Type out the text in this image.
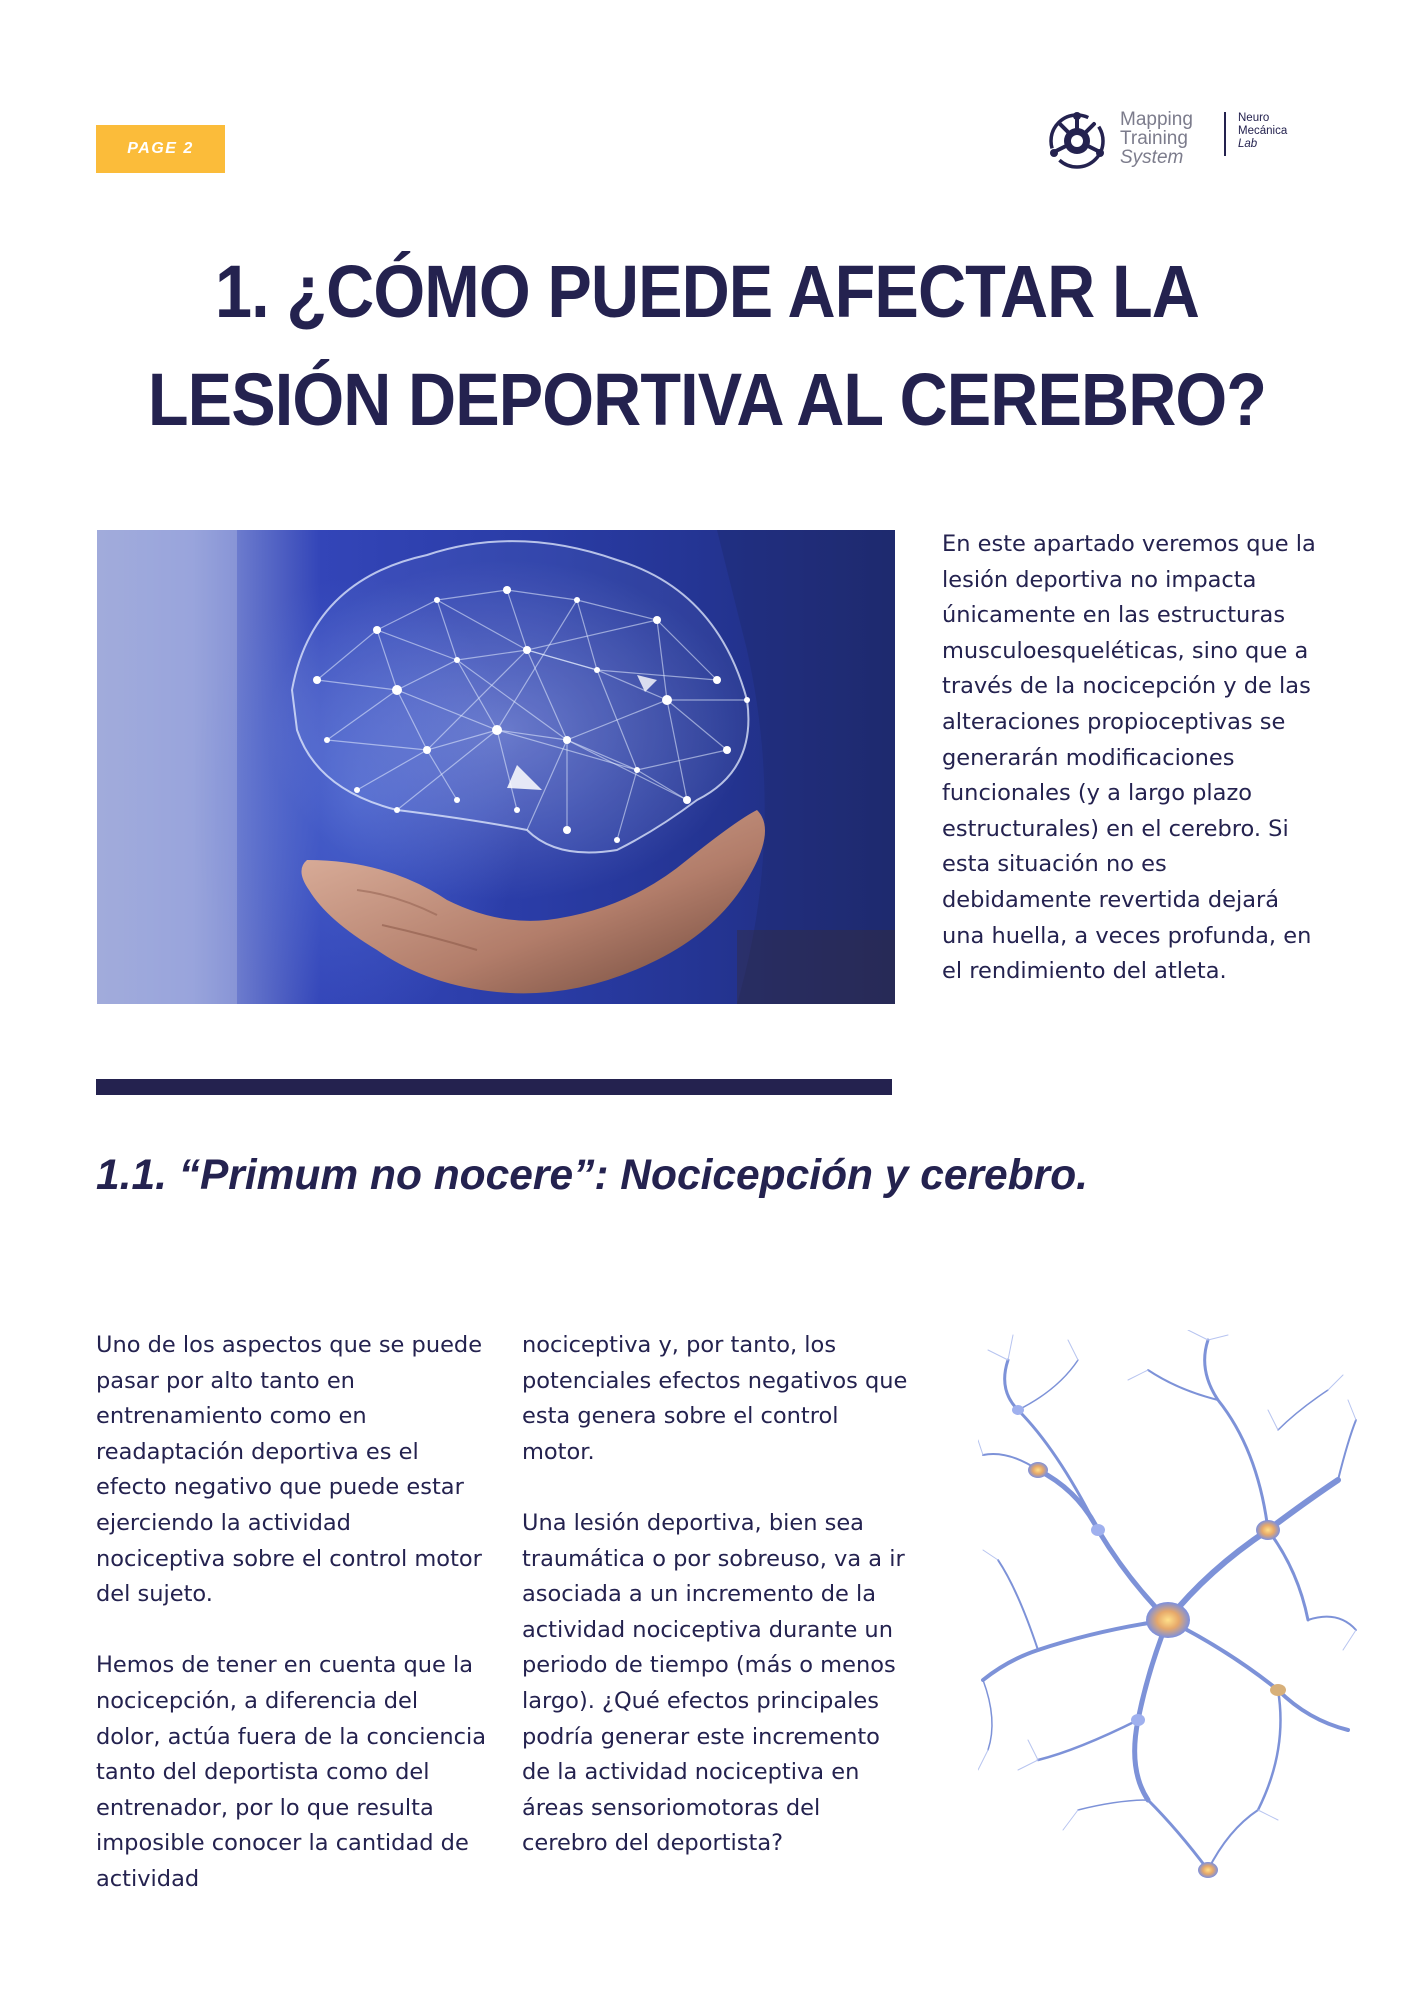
PAGE 2
Mapping
Training
System
Neuro
Mecánica
Lab
1. ¿CÓMO PUEDE AFECTAR LA
LESIÓN DEPORTIVA AL CEREBRO?

En este apartado veremos que la lesión deportiva no impacta únicamente en las estructuras musculoesqueléticas, sino que a través de la nocicepción y de las alteraciones propioceptivas se generarán modificaciones funcionales (y a largo plazo estructurales) en el cerebro. Si esta situación no es debidamente revertida dejará una huella, a veces profunda, en el rendimiento del atleta.

1.1. “Primum no nocere”: Nocicepción y cerebro.

Uno de los aspectos que se puede pasar por alto tanto en entrenamiento como en readaptación deportiva es el efecto negativo que puede estar ejerciendo la actividad nociceptiva sobre el control motor del sujeto.

Hemos de tener en cuenta que la nocicepción, a diferencia del dolor, actúa fuera de la conciencia tanto del deportista como del entrenador, por lo que resulta imposible conocer la cantidad de actividad

nociceptiva y, por tanto, los potenciales efectos negativos que esta genera sobre el control motor.

Una lesión deportiva, bien sea traumática o por sobreuso, va a ir asociada a un incremento de la actividad nociceptiva durante un periodo de tiempo (más o menos largo). ¿Qué efectos principales podría generar este incremento de la actividad nociceptiva en áreas sensoriomotoras del cerebro del deportista?
